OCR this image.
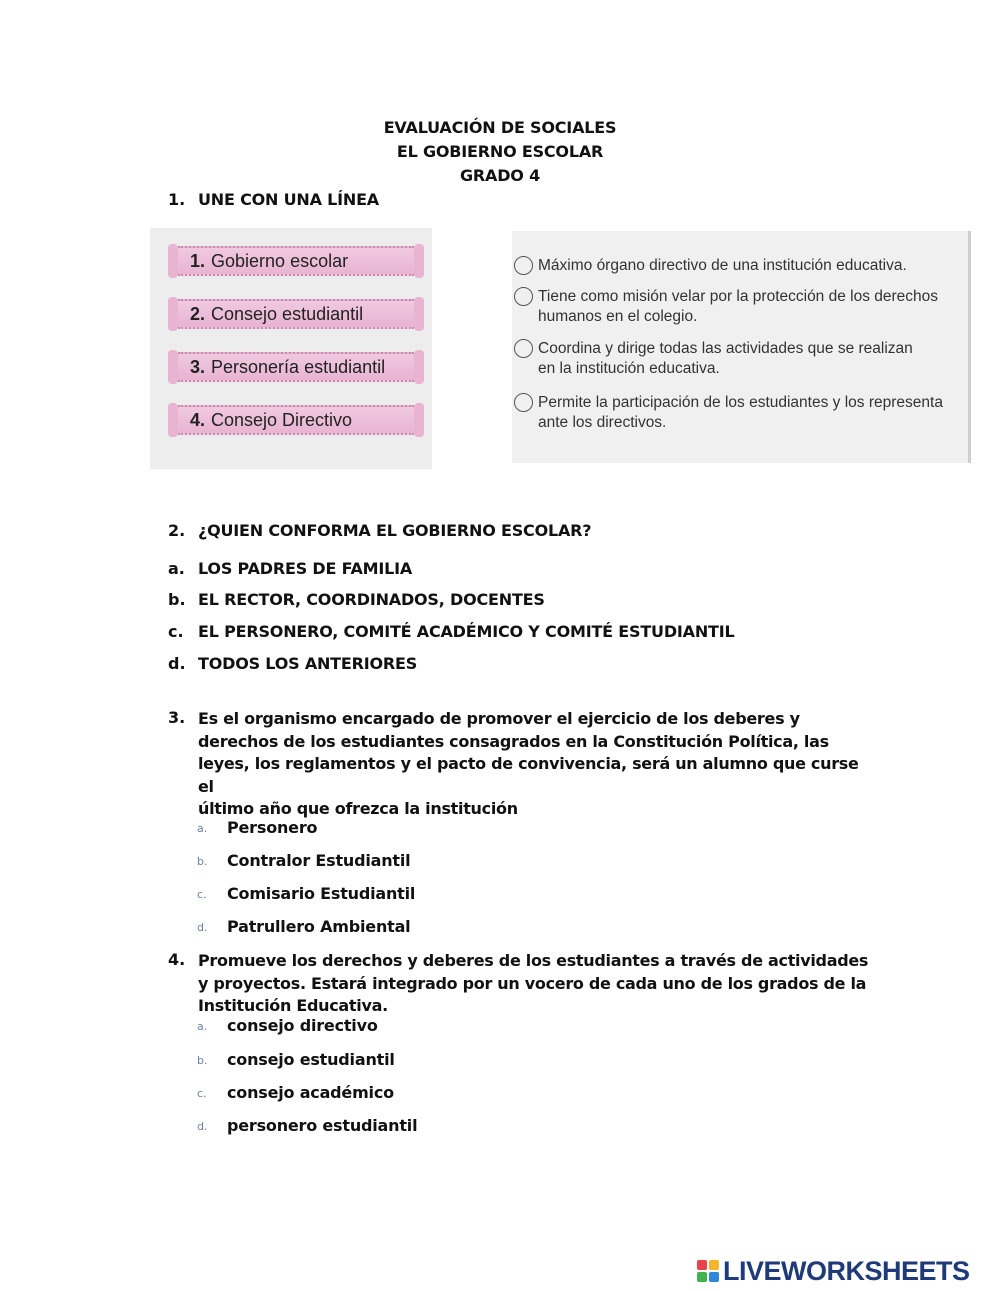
EVALUACIÓN DE SOCIALES
EL GOBIERNO ESCOLAR
GRADO 4
1. UNE CON UNA LÍNEA
1. Gobierno escolar
2. Consejo estudiantil
3. Personería estudiantil
4. Consejo Directivo
Máximo órgano directivo de una institución educativa.
Tiene como misión velar por la protección de los derechos
humanos en el colegio.
Coordina y dirige todas las actividades que se realizan
en la institución educativa.
Permite la participación de los estudiantes y los representa
ante los directivos.
2. ¿QUIEN CONFORMA EL GOBIERNO ESCOLAR?
a. LOS PADRES DE FAMILIA
b. EL RECTOR, COORDINADOS, DOCENTES
c. EL PERSONERO, COMITÉ ACADÉMICO Y COMITÉ ESTUDIANTIL
d. TODOS LOS ANTERIORES
3. Es el organismo encargado de promover el ejercicio de los deberes y
derechos de los estudiantes consagrados en la Constitución Política, las
leyes, los reglamentos y el pacto de convivencia, será un alumno que curse el
último año que ofrezca la institución
a. Personero
b. Contralor Estudiantil
c. Comisario Estudiantil
d. Patrullero Ambiental
4. Promueve los derechos y deberes de los estudiantes a través de actividades
y proyectos. Estará integrado por un vocero de cada uno de los grados de la
Institución Educativa.
a. consejo directivo
b. consejo estudiantil
c. consejo académico
d. personero estudiantil
LIVEWORKSHEETS
